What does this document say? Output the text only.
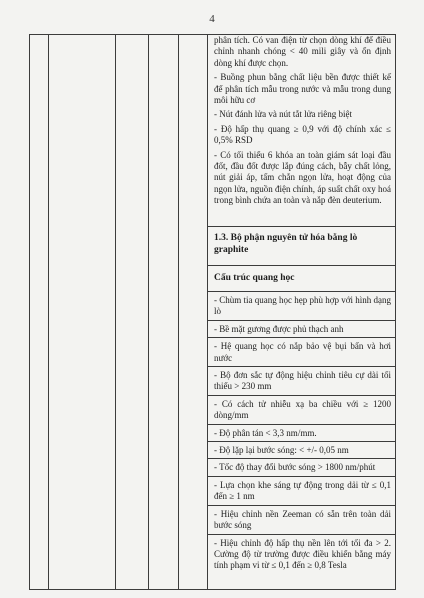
4

phân tích. Có van điện từ chọn dòng khí để điều chỉnh nhanh chóng < 40 mili giây và ổn định dòng khí được chọn.

- Buồng phun bằng chất liệu bền được thiết kế để phân tích mẫu trong nước và mẫu trong dung môi hữu cơ

- Nút đánh lửa và nút tắt lửa riêng biệt

- Độ hấp thụ quang ≥ 0,9 với độ chính xác ≤ 0,5% RSD

- Có tối thiểu 6 khóa an toàn giám sát loại đầu đốt, đầu đốt được lắp đúng cách, bẫy chất lỏng, nút giải áp, tấm chắn ngọn lửa, hoạt động của ngọn lửa, nguồn điện chính, áp suất chất oxy hoá trong bình chứa an toàn và nắp đèn deuterium.

1.3. Bộ phận nguyên tử hóa bằng lò graphite

Cấu trúc quang học

- Chùm tia quang học hẹp phù hợp với hình dạng lò

- Bề mặt gương được phủ thạch anh

- Hệ quang học có nắp bảo vệ bụi bẩn và hơi nước

- Bộ đơn sắc tự động hiệu chỉnh tiêu cự dài tối thiểu > 230 mm

- Có cách tử nhiễu xạ ba chiều với ≥ 1200 dòng/mm

- Độ phân tán < 3,3 nm/mm.

- Độ lặp lại bước sóng: < +/- 0,05 nm

- Tốc độ thay đổi bước sóng > 1800 nm/phút

- Lựa chọn khe sáng tự động trong dải từ ≤ 0,1 đến ≥ 1 nm

- Hiệu chỉnh nền Zeeman có sẵn trên toàn dải bước sóng

- Hiệu chỉnh độ hấp thụ nền lên tới tối đa > 2. Cường độ từ trường được điều khiển bằng máy tính phạm vi từ ≤ 0,1 đến ≥ 0,8 Tesla
